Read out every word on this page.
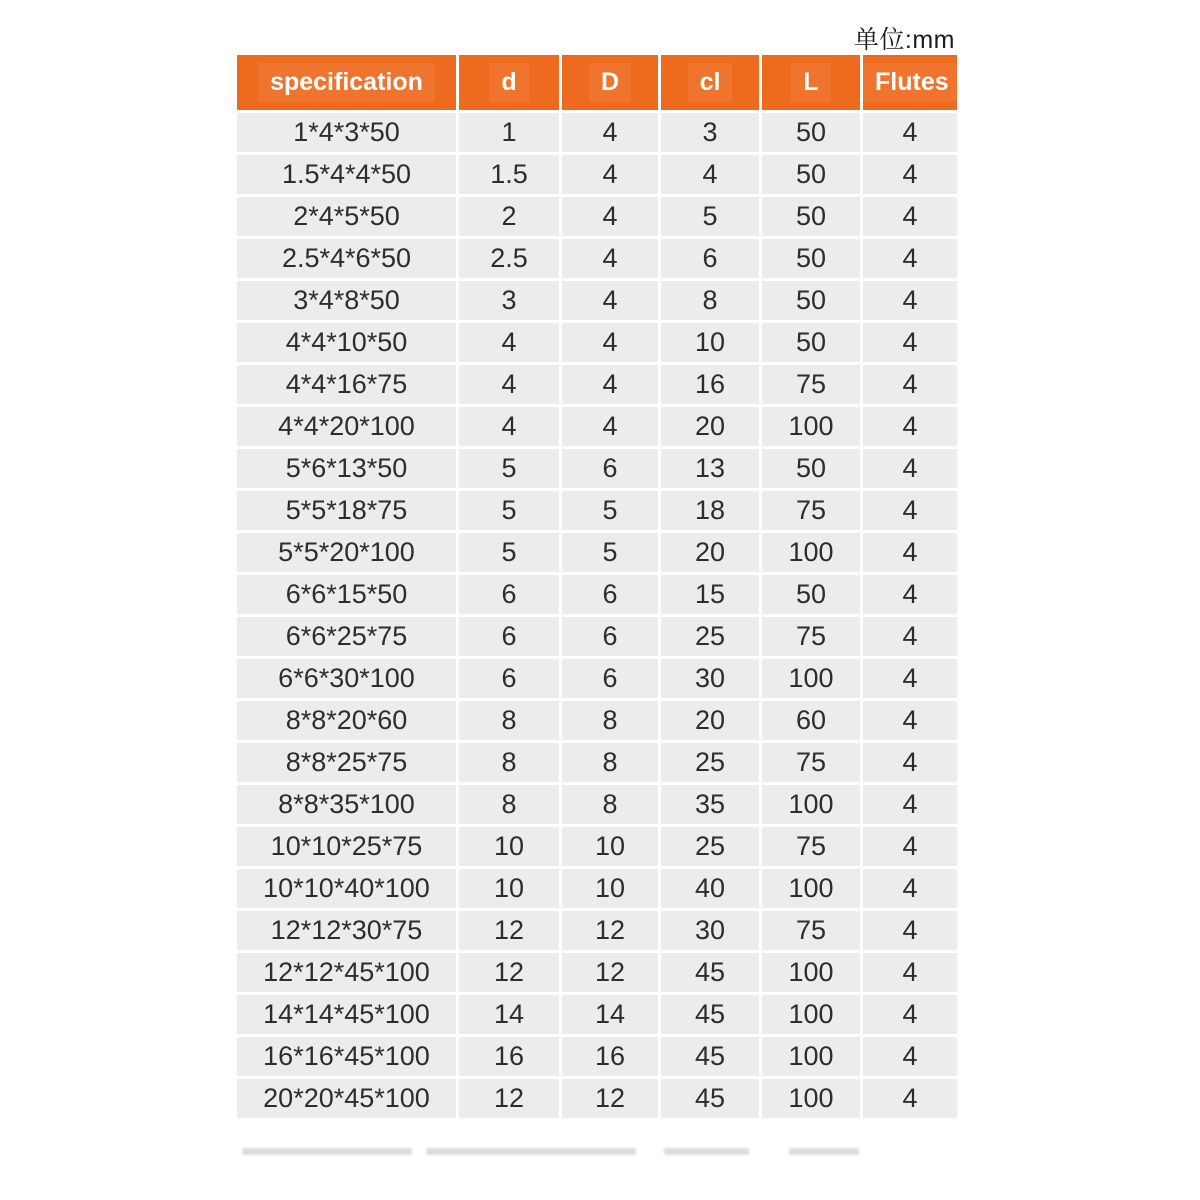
单位:mm
specification	d	D	cl	L	Flutes
1*4*3*50	1	4	3	50	4
1.5*4*4*50	1.5	4	4	50	4
2*4*5*50	2	4	5	50	4
2.5*4*6*50	2.5	4	6	50	4
3*4*8*50	3	4	8	50	4
4*4*10*50	4	4	10	50	4
4*4*16*75	4	4	16	75	4
4*4*20*100	4	4	20	100	4
5*6*13*50	5	6	13	50	4
5*5*18*75	5	5	18	75	4
5*5*20*100	5	5	20	100	4
6*6*15*50	6	6	15	50	4
6*6*25*75	6	6	25	75	4
6*6*30*100	6	6	30	100	4
8*8*20*60	8	8	20	60	4
8*8*25*75	8	8	25	75	4
8*8*35*100	8	8	35	100	4
10*10*25*75	10	10	25	75	4
10*10*40*100	10	10	40	100	4
12*12*30*75	12	12	30	75	4
12*12*45*100	12	12	45	100	4
14*14*45*100	14	14	45	100	4
16*16*45*100	16	16	45	100	4
20*20*45*100	12	12	45	100	4
